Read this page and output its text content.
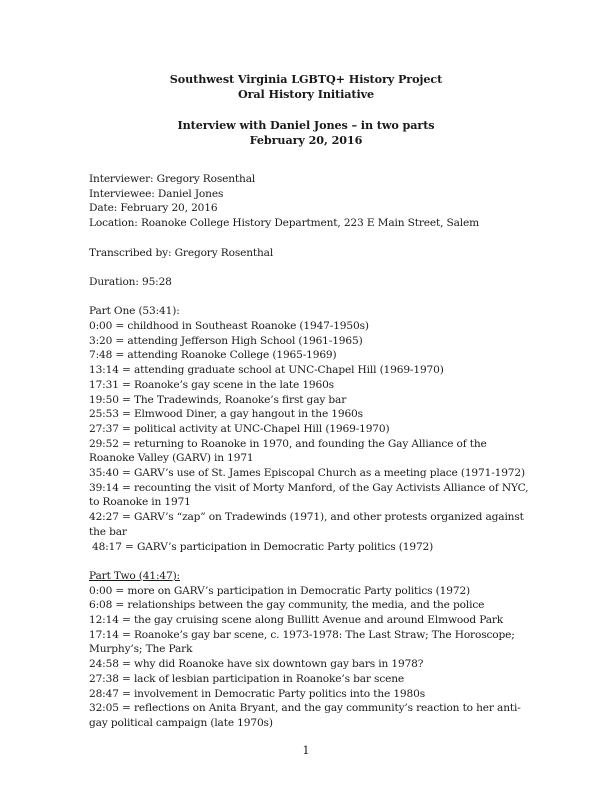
Southwest Virginia LGBTQ+ History Project
Oral History Initiative
Interview with Daniel Jones – in two parts
February 20, 2016
Interviewer: Gregory Rosenthal
Interviewee: Daniel Jones
Date: February 20, 2016
Location: Roanoke College History Department, 223 E Main Street, Salem
Transcribed by: Gregory Rosenthal
Duration: 95:28
Part One (53:41):
0:00 = childhood in Southeast Roanoke (1947-1950s)
3:20 = attending Jefferson High School (1961-1965)
7:48 = attending Roanoke College (1965-1969)
13:14 = attending graduate school at UNC-Chapel Hill (1969-1970)
17:31 = Roanoke’s gay scene in the late 1960s
19:50 = The Tradewinds, Roanoke’s first gay bar
25:53 = Elmwood Diner, a gay hangout in the 1960s
27:37 = political activity at UNC-Chapel Hill (1969-1970)
29:52 = returning to Roanoke in 1970, and founding the Gay Alliance of the Roanoke Valley (GARV) in 1971
35:40 = GARV’s use of St. James Episcopal Church as a meeting place (1971-1972)
39:14 = recounting the visit of Morty Manford, of the Gay Activists Alliance of NYC, to Roanoke in 1971
42:27 = GARV’s “zap” on Tradewinds (1971), and other protests organized against the bar
48:17 = GARV’s participation in Democratic Party politics (1972)
Part Two (41:47):
0:00 = more on GARV’s participation in Democratic Party politics (1972)
6:08 = relationships between the gay community, the media, and the police
12:14 = the gay cruising scene along Bullitt Avenue and around Elmwood Park
17:14 = Roanoke’s gay bar scene, c. 1973-1978: The Last Straw; The Horoscope; Murphy’s; The Park
24:58 = why did Roanoke have six downtown gay bars in 1978?
27:38 = lack of lesbian participation in Roanoke’s bar scene
28:47 = involvement in Democratic Party politics into the 1980s
32:05 = reflections on Anita Bryant, and the gay community’s reaction to her anti-gay political campaign (late 1970s)
1
